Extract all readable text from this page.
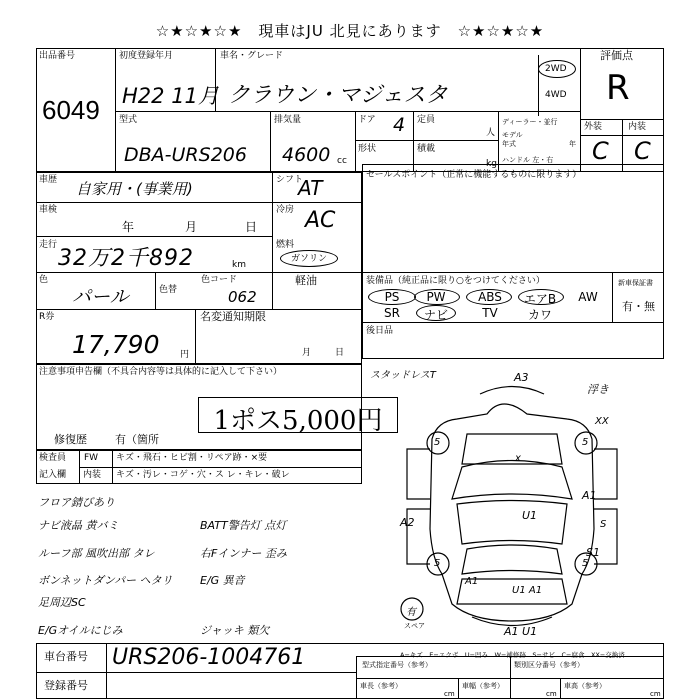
☆★☆★☆★　現車はJU 北見にあります　☆★☆★☆★
出品番号
6049
初度登録年月
H22 11月
車名・グレード
クラウン・マジェスタ
2WD
4WD
評価点
R
型式
DBA-URS206
排気量
4600 cc
ドア 4 定員
人
形状	積載
kg
ディーラー・並行
モデル
年式	年
ハンドル 左・右
外装	内装
C C
車歴 自家用・(事業用)	シフト
AT
車検
年	月	日
冷房 AC
走行
32万2千892	km
燃料
ガソリン
軽油
色
パール	色替
色コード
062
R券
17,790 円
名変通知期限
月	日
セールスポイント（正常に機能するものに限ります）
装備品（純正品に限り○をつけてください）	新車保証書
有・無
PS	PW	ABS	エアB	AW
SR	ナビ	TV	カワ
後日品
注意事項申告欄（不具合内容等は具体的に記入して下さい）
1ポス5,000円
修復歴	有（箇所
検査員
記入欄
FW キズ・飛石・ヒビ割・リペア跡・×要
内装 キズ・汚レ・コゲ・穴・ス レ・キレ・破レ
フロア錆びあり
ナビ液晶 黄バミ
ルーフ部 風吹出部 タレ
ボンネットダンパー ヘタリ
足周辺SC
E/Gオイルにじみ
BATT警告灯 点灯
右Fインナー 歪み
E/G 異音
ジャッキ 類欠
スタッドレスT	A3
浮き
XX
5	5
5	5
x
U1
A1
S
S1
A2
A1
U1 A1
A1 U1
有
スペア
A−キズ　E−エクボ　U−凹み　W−補修跡　S−サビ　C−腐食　XX−交換済
車台番号 URS206-1004761
登録番号
型式指定番号（参考）	類別区分番号（参考）
車長（参考）
cm
車幅（参考）
cm
車高（参考）
cm
